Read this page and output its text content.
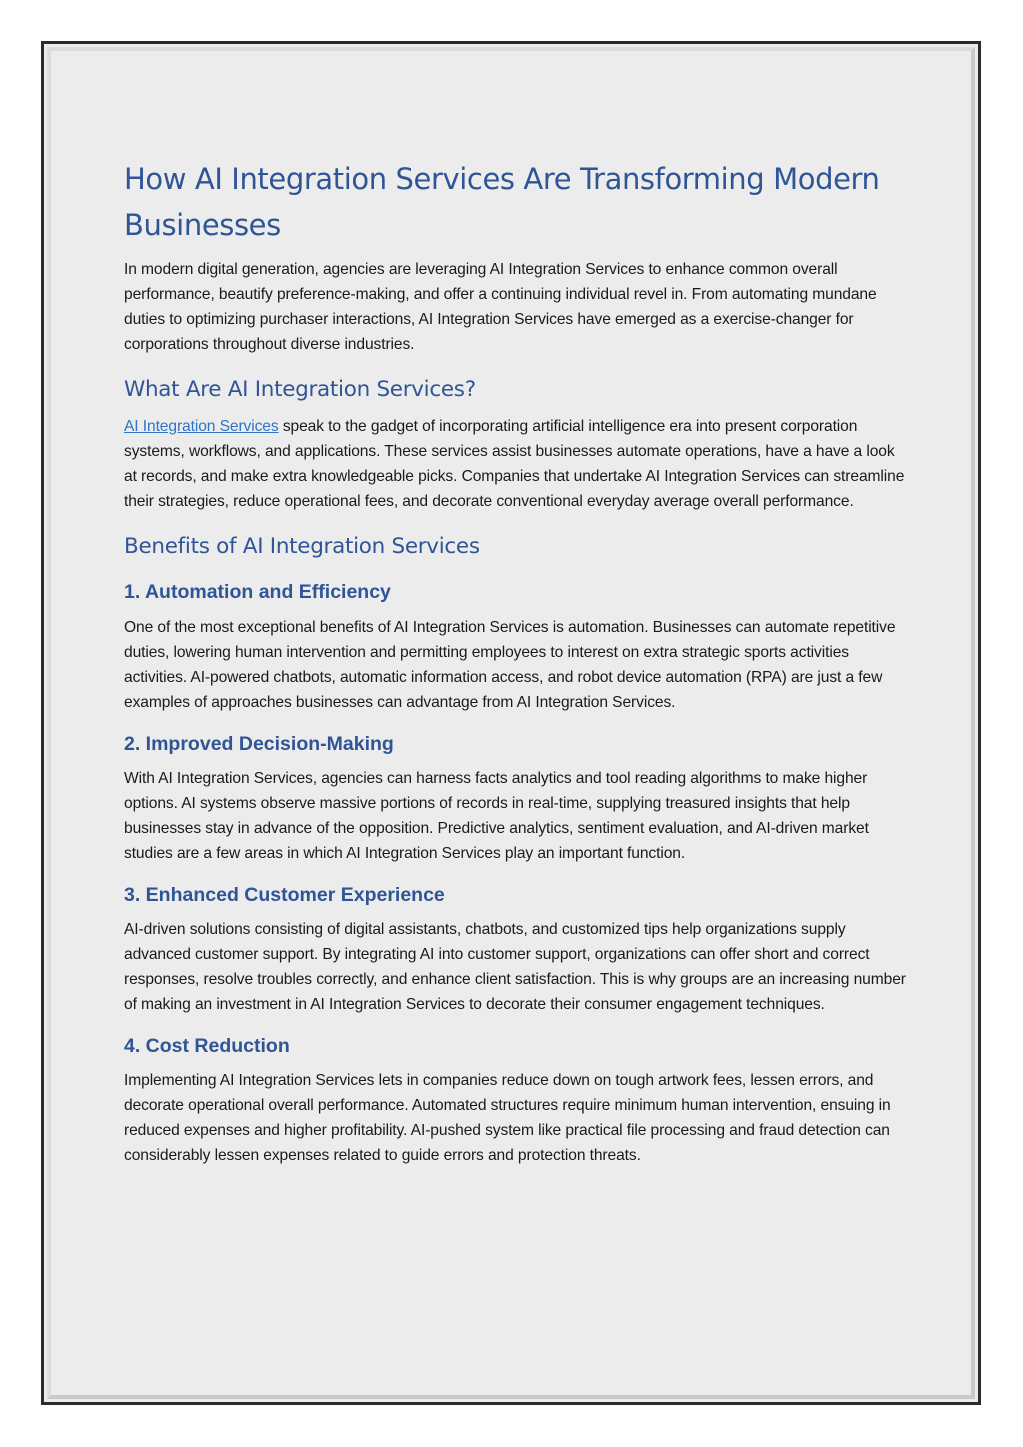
How AI Integration Services Are Transforming Modern Businesses

In modern digital generation, agencies are leveraging AI Integration Services to enhance common overall performance, beautify preference-making, and offer a continuing individual revel in. From automating mundane duties to optimizing purchaser interactions, AI Integration Services have emerged as a exercise-changer for corporations throughout diverse industries.

What Are AI Integration Services?

AI Integration Services speak to the gadget of incorporating artificial intelligence era into present corporation systems, workflows, and applications. These services assist businesses automate operations, have a have a look at records, and make extra knowledgeable picks. Companies that undertake AI Integration Services can streamline their strategies, reduce operational fees, and decorate conventional everyday average overall performance.

Benefits of AI Integration Services
1. Automation and Efficiency

One of the most exceptional benefits of AI Integration Services is automation. Businesses can automate repetitive duties, lowering human intervention and permitting employees to interest on extra strategic sports activities activities. AI-powered chatbots, automatic information access, and robot device automation (RPA) are just a few examples of approaches businesses can advantage from AI Integration Services.

2. Improved Decision-Making

With AI Integration Services, agencies can harness facts analytics and tool reading algorithms to make higher options. AI systems observe massive portions of records in real-time, supplying treasured insights that help businesses stay in advance of the opposition. Predictive analytics, sentiment evaluation, and AI-driven market studies are a few areas in which AI Integration Services play an important function.

3. Enhanced Customer Experience

AI-driven solutions consisting of digital assistants, chatbots, and customized tips help organizations supply advanced customer support. By integrating AI into customer support, organizations can offer short and correct responses, resolve troubles correctly, and enhance client satisfaction. This is why groups are an increasing number of making an investment in AI Integration Services to decorate their consumer engagement techniques.

4. Cost Reduction

Implementing AI Integration Services lets in companies reduce down on tough artwork fees, lessen errors, and decorate operational overall performance. Automated structures require minimum human intervention, ensuing in reduced expenses and higher profitability. AI-pushed system like practical file processing and fraud detection can considerably lessen expenses related to guide errors and protection threats.
